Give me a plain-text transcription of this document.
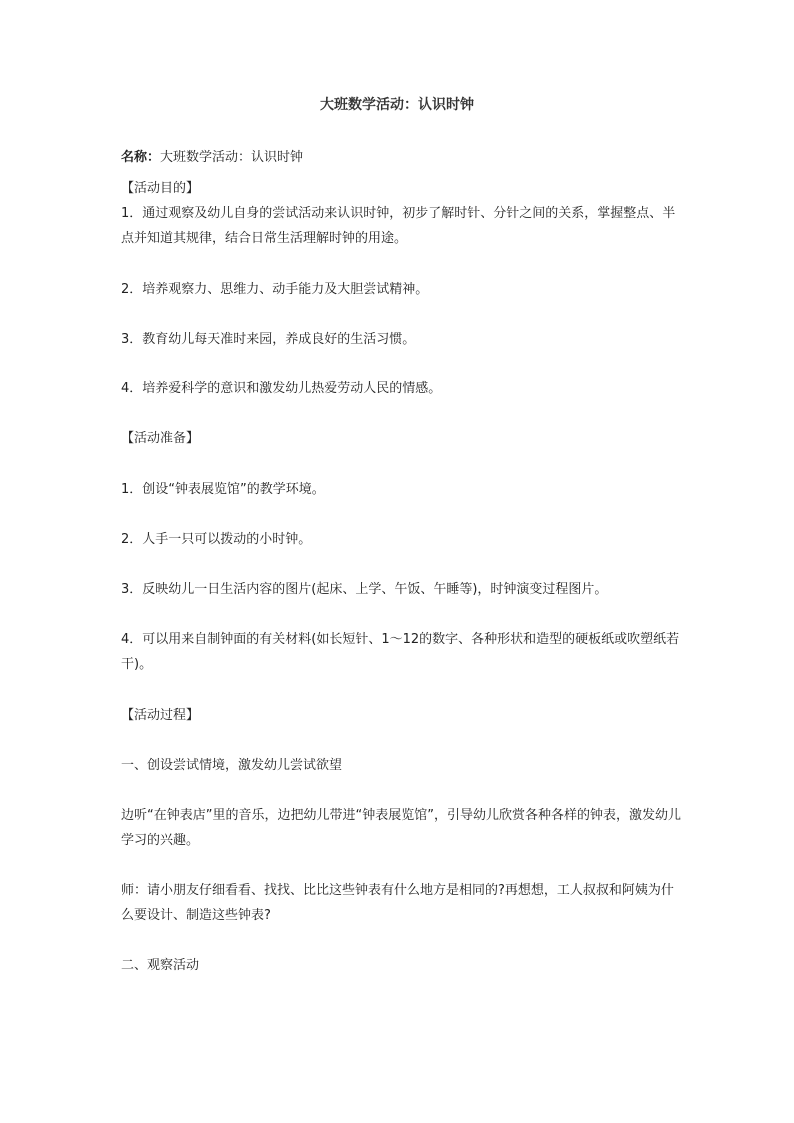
大班数学活动：认识时钟
名称：大班数学活动：认识时钟
【活动目的】
1．通过观察及幼儿自身的尝试活动来认识时钟，初步了解时针、分针之间的关系，掌握整点、半点并知道其规律，结合日常生活理解时钟的用途。
2．培养观察力、思维力、动手能力及大胆尝试精神。
3．教育幼儿每天准时来园，养成良好的生活习惯。
4．培养爱科学的意识和激发幼儿热爱劳动人民的情感。
【活动准备】
1．创设“钟表展览馆”的教学环境。
2．人手一只可以拨动的小时钟。
3．反映幼儿一日生活内容的图片(起床、上学、午饭、午睡等)，时钟演变过程图片。
4．可以用来自制钟面的有关材料(如长短针、1～12的数字、各种形状和造型的硬板纸或吹塑纸若干)。
【活动过程】
一、创设尝试情境，激发幼儿尝试欲望
边听“在钟表店”里的音乐，边把幼儿带进“钟表展览馆”，引导幼儿欣赏各种各样的钟表，激发幼儿学习的兴趣。
师：请小朋友仔细看看、找找、比比这些钟表有什么地方是相同的?再想想，工人叔叔和阿姨为什么要设计、制造这些钟表?
二、观察活动
